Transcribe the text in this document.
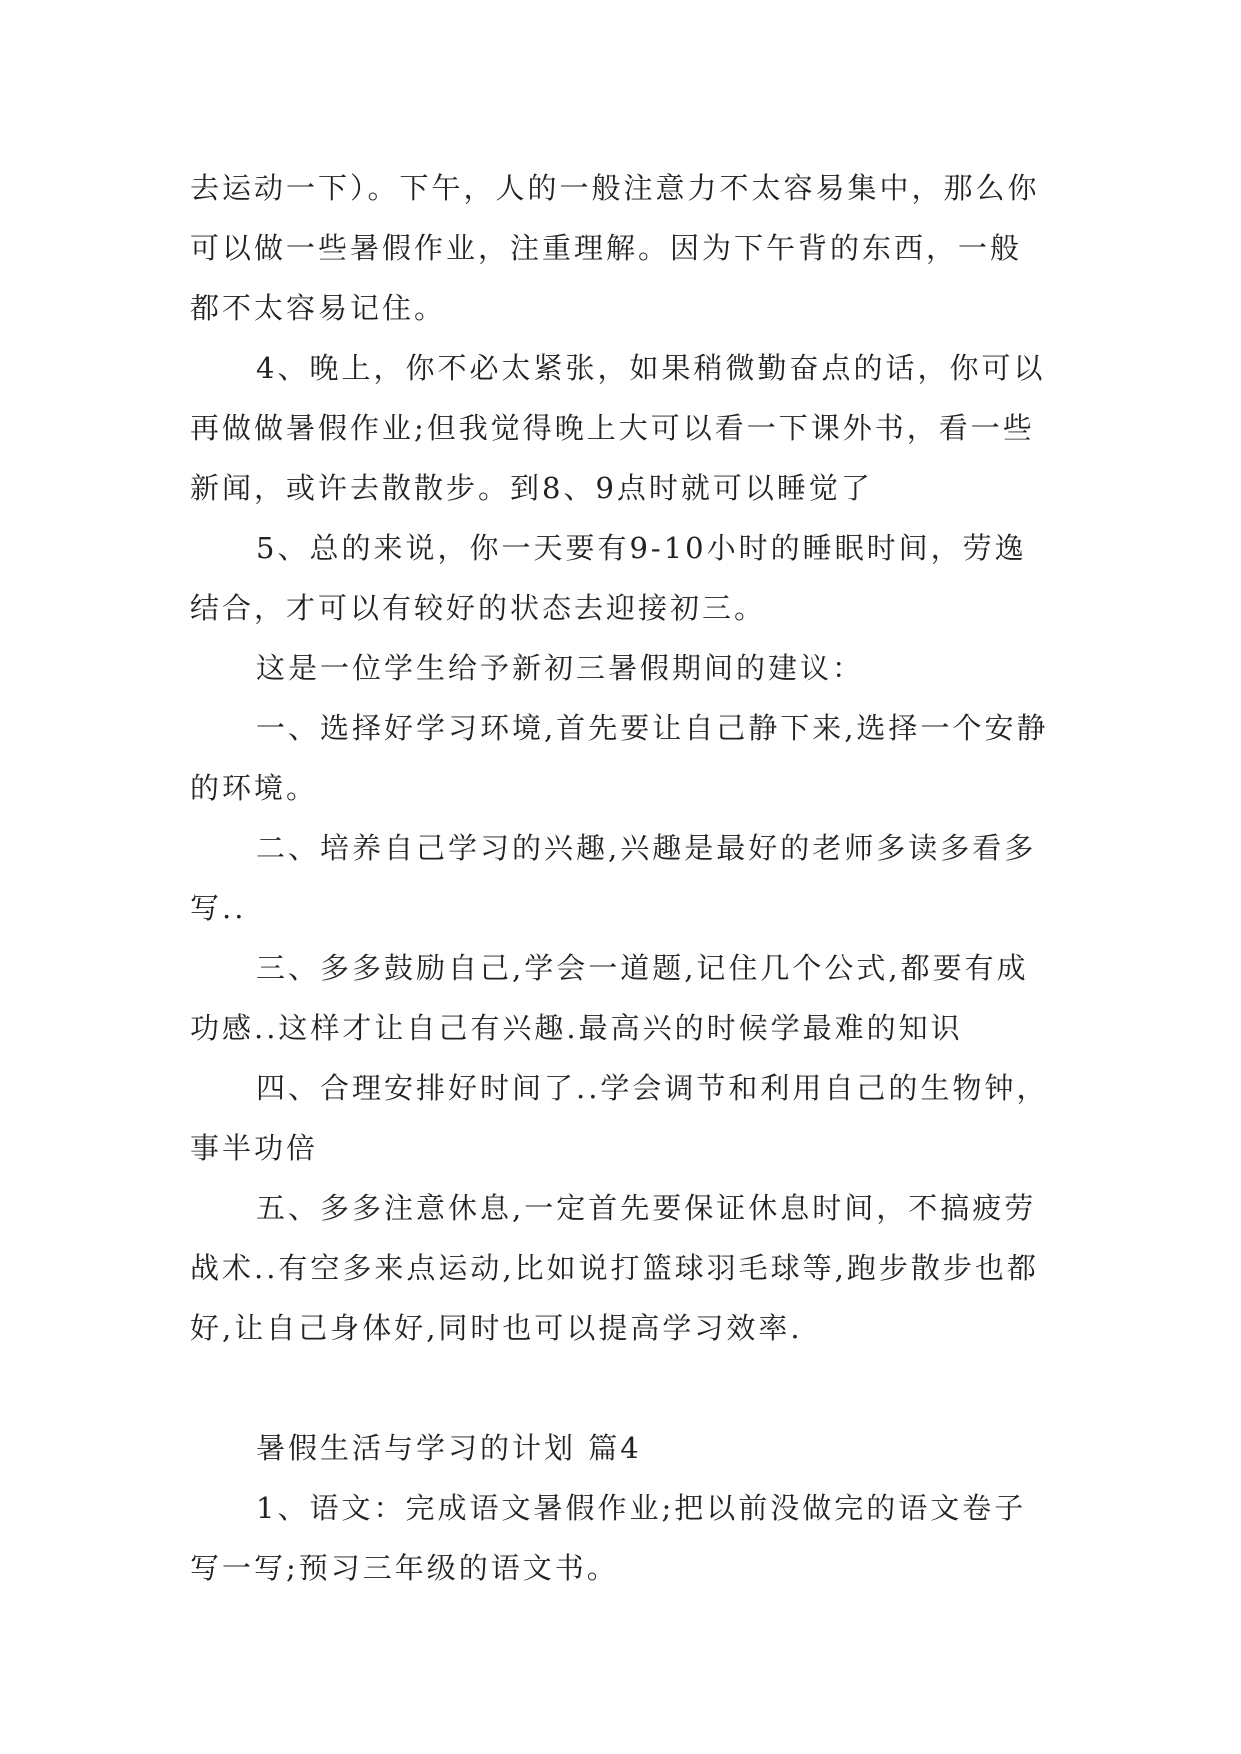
去运动一下）。下午，人的一般注意力不太容易集中，那么你可以做一些暑假作业，注重理解。因为下午背的东西，一般都不太容易记住。

4、晚上，你不必太紧张，如果稍微勤奋点的话，你可以再做做暑假作业;但我觉得晚上大可以看一下课外书，看一些新闻，或许去散散步。到8、9点时就可以睡觉了

5、总的来说，你一天要有9-10小时的睡眠时间，劳逸结合，才可以有较好的状态去迎接初三。

这是一位学生给予新初三暑假期间的建议：

一、选择好学习环境,首先要让自己静下来,选择一个安静的环境。

二、培养自己学习的兴趣,兴趣是最好的老师多读多看多写..

三、多多鼓励自己,学会一道题,记住几个公式,都要有成功感..这样才让自己有兴趣.最高兴的时候学最难的知识

四、合理安排好时间了..学会调节和利用自己的生物钟，事半功倍

五、多多注意休息,一定首先要保证休息时间，不搞疲劳战术..有空多来点运动,比如说打篮球羽毛球等,跑步散步也都好,让自己身体好,同时也可以提高学习效率.

暑假生活与学习的计划 篇4

1、语文：完成语文暑假作业;把以前没做完的语文卷子写一写;预习三年级的语文书。
